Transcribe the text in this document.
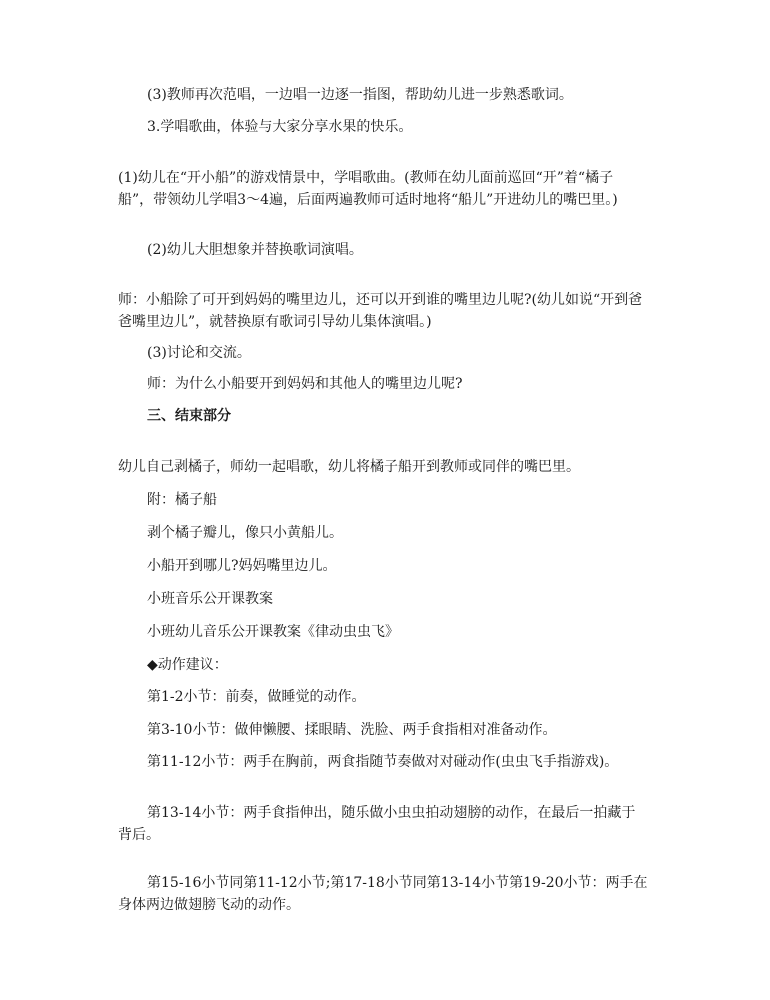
(3)教师再次范唱，一边唱一边逐一指图，帮助幼儿进一步熟悉歌词。

3.学唱歌曲，体验与大家分享水果的快乐。

(1)幼儿在“开小船”的游戏情景中，学唱歌曲。(教师在幼儿面前巡回“开”着“橘子船”，带领幼儿学唱3～4遍，后面两遍教师可适时地将“船儿”开进幼儿的嘴巴里。)

(2)幼儿大胆想象并替换歌词演唱。

师：小船除了可开到妈妈的嘴里边儿，还可以开到谁的嘴里边儿呢?(幼儿如说“开到爸爸嘴里边儿”，就替换原有歌词引导幼儿集体演唱。)

(3)讨论和交流。

师：为什么小船要开到妈妈和其他人的嘴里边儿呢?

三、结束部分

幼儿自己剥橘子，师幼一起唱歌，幼儿将橘子船开到教师或同伴的嘴巴里。

附：橘子船

剥个橘子瓣儿，像只小黄船儿。

小船开到哪儿?妈妈嘴里边儿。

小班音乐公开课教案

小班幼儿音乐公开课教案《律动虫虫飞》

◆动作建议：

第1-2小节：前奏，做睡觉的动作。

第3-10小节：做伸懒腰、揉眼睛、洗脸、两手食指相对准备动作。

第11-12小节：两手在胸前，两食指随节奏做对对碰动作(虫虫飞手指游戏)。

第13-14小节：两手食指伸出，随乐做小虫虫拍动翅膀的动作，在最后一拍藏于背后。

第15-16小节同第11-12小节;第17-18小节同第13-14小节第19-20小节：两手在身体两边做翅膀飞动的动作。
